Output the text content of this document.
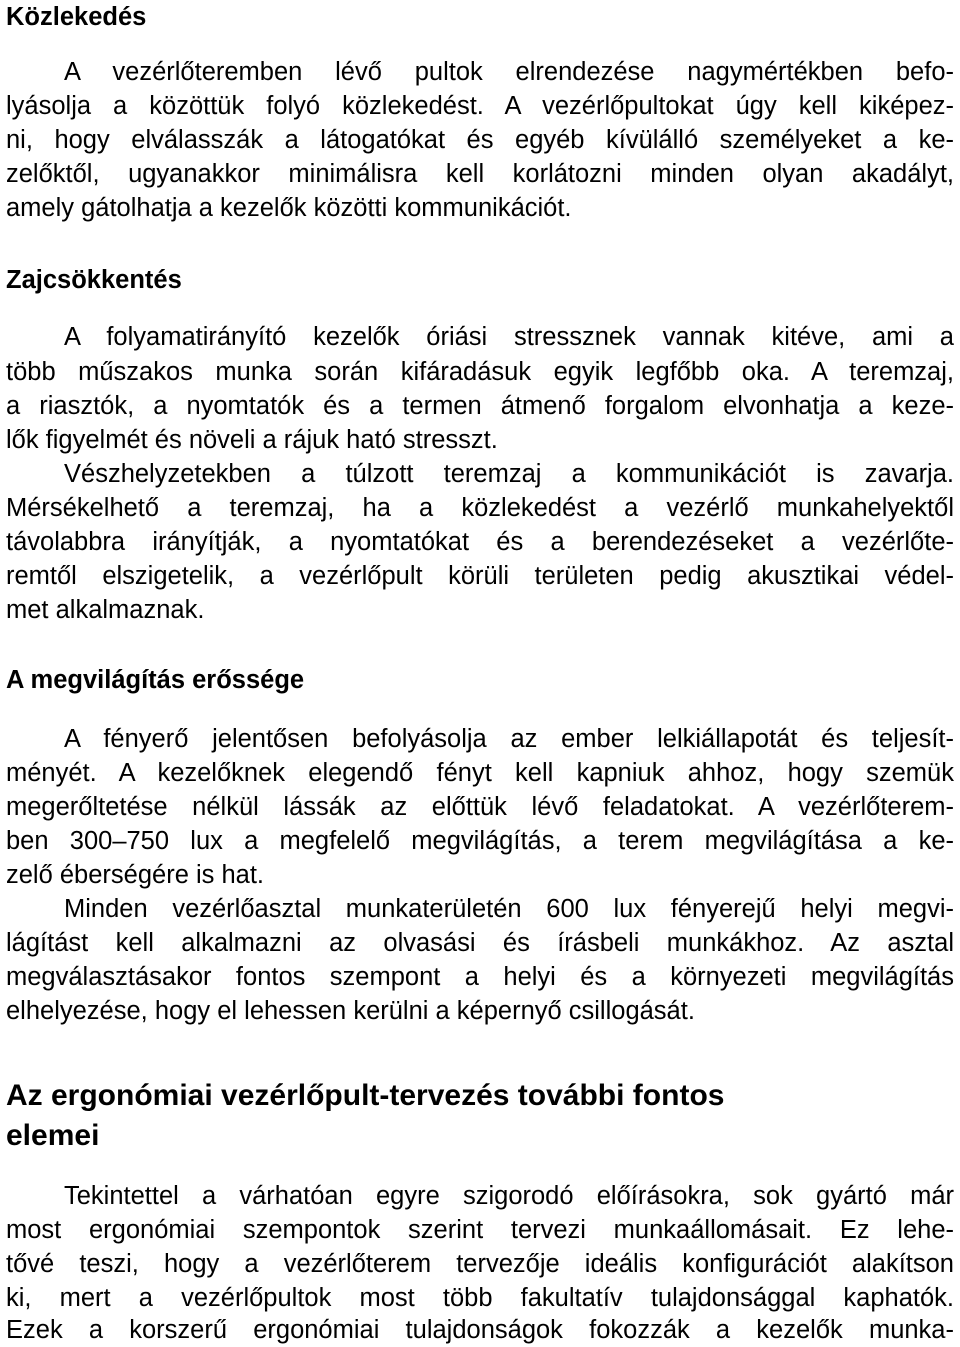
Közlekedés
A vezérlőteremben lévő pultok elrendezése nagymértékben befo-
lyásolja a közöttük folyó közlekedést. A vezérlőpultokat úgy kell kiképez-
ni, hogy elválasszák a látogatókat és egyéb kívülálló személyeket a ke-
zelőktől, ugyanakkor minimálisra kell korlátozni minden olyan akadályt,
amely gátolhatja a kezelők közötti kommunikációt.
Zajcsökkentés
A folyamatirányító kezelők óriási stressznek vannak kitéve, ami a
több műszakos munka során kifáradásuk egyik legfőbb oka. A teremzaj,
a riasztók, a nyomtatók és a termen átmenő forgalom elvonhatja a keze-
lők figyelmét és növeli a rájuk ható stresszt.
Vészhelyzetekben a túlzott teremzaj a kommunikációt is zavarja.
Mérsékelhető a teremzaj, ha a közlekedést a vezérlő munkahelyektől
távolabbra irányítják, a nyomtatókat és a berendezéseket a vezérlőte-
remtől elszigetelik, a vezérlőpult körüli területen pedig akusztikai védel-
met alkalmaznak.
A megvilágítás erőssége
A fényerő jelentősen befolyásolja az ember lelkiállapotát és teljesít-
ményét. A kezelőknek elegendő fényt kell kapniuk ahhoz, hogy szemük
megerőltetése nélkül lássák az előttük lévő feladatokat. A vezérlőterem-
ben 300–750 lux a megfelelő megvilágítás, a terem megvilágítása a ke-
zelő éberségére is hat.
Minden vezérlőasztal munkaterületén 600 lux fényerejű helyi megvi-
lágítást kell alkalmazni az olvasási és írásbeli munkákhoz. Az asztal
megválasztásakor fontos szempont a helyi és a környezeti megvilágítás
elhelyezése, hogy el lehessen kerülni a képernyő csillogását.
Az ergonómiai vezérlőpult-tervezés további fontos
elemei
Tekintettel a várhatóan egyre szigorodó előírásokra, sok gyártó már
most ergonómiai szempontok szerint tervezi munkaállomásait. Ez lehe-
tővé teszi, hogy a vezérlőterem tervezője ideális konfigurációt alakítson
ki, mert a vezérlőpultok most több fakultatív tulajdonsággal kaphatók.
Ezek a korszerű ergonómiai tulajdonságok fokozzák a kezelők munka-
